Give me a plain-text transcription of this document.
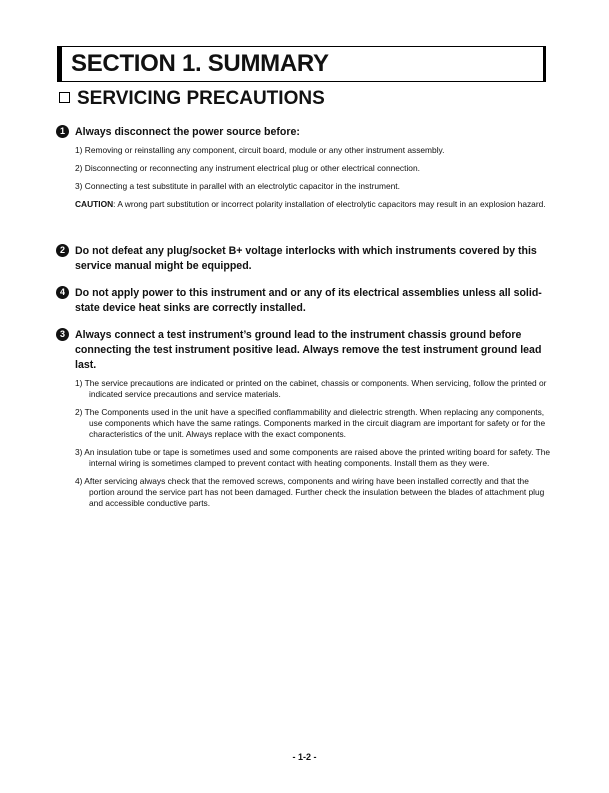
SECTION 1. SUMMARY
SERVICING PRECAUTIONS
1 Always disconnect the power source before:

1) Removing or reinstalling any component, circuit board, module or any other instrument assembly.
2) Disconnecting or reconnecting any instrument electrical plug or other electrical connection.
3) Connecting a test substitute in parallel with an electrolytic capacitor in the instrument.

CAUTION: A wrong part substitution or incorrect polarity installation of electrolytic capacitors may result in an explosion hazard.

2 Do not defeat any plug/socket B+ voltage interlocks with which instruments covered by this service manual might be equipped.

4 Do not apply power to this instrument and or any of its electrical assemblies unless all solid-state device heat sinks are correctly installed.

3 Always connect a test instrument’s ground lead to the instrument chassis ground before connecting the test instrument positive lead. Always remove the test instrument ground lead last.

1) The service precautions are indicated or printed on the cabinet, chassis or components. When servicing, follow the printed or indicated service precautions and service materials.
2) The Components used in the unit have a specified conflammability and dielectric strength. When replacing any components, use components which have the same ratings. Components marked in the circuit diagram are important for safety or for the characteristics of the unit. Always replace with the exact components.
3) An insulation tube or tape is sometimes used and some components are raised above the printed writing board for safety. The internal wiring is sometimes clamped to prevent contact with heating components. Install them as they were.
4) After servicing always check that the removed screws, components and wiring have been installed correctly and that the portion around the service part has not been damaged. Further check the insulation between the blades of attachment plug and accessible conductive parts.
- 1-2 -
